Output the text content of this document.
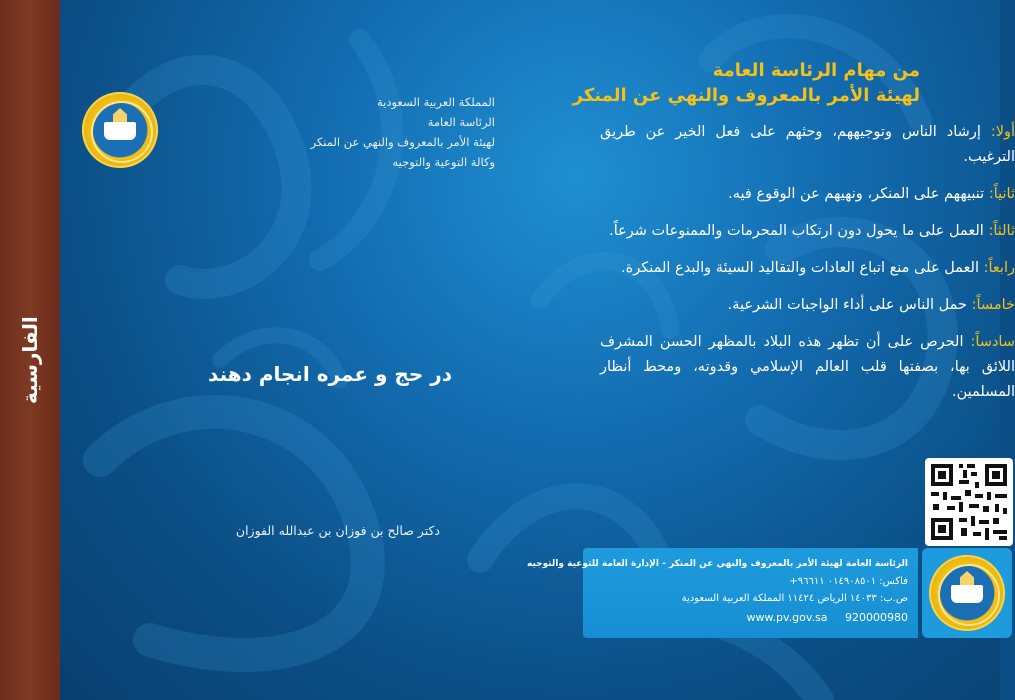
الفارسية
المملكة العربية السعودية
الرئاسة العامة
لهيئة الأمر بالمعروف والنهي عن المنكر
وكالة التوعية والتوجيه
در حج و عمره انجام دهند
دكتر صالح بن فوزان بن عبدالله الفوزان
من مهام الرئاسة العامة
لهيئة الأمر بالمعروف والنهي عن المنكر
أولا: إرشاد الناس وتوجيههم، وحثهم على فعل الخير عن طريق الترغيب.
ثانياً: تنبيههم على المنكر، ونهيهم عن الوقوع فيه.
ثالثاً: العمل على ما يحول دون ارتكاب المحرمات والممنوعات شرعاً.
رابعاً: العمل على منع اتباع العادات والتقاليد السيئة والبدع المنكرة.
خامساً: حمل الناس على أداء الواجبات الشرعية.
سادساً: الحرص على أن تظهر هذه البلاد بالمظهر الحسن المشرف اللائق بها، بصفتها قلب العالم الإسلامي وقدوته، ومحط أنظار المسلمين.
الرئاسة العامة لهيئة الأمر بالمعروف والنهي عن المنكر - الإدارة العامة للتوعية والتوجيه
فاكس: ٠١٤٩٠٨٥٠١ ٩٦٦١١+
ص.ب: ١٤٠٣٣ الرياض ١١٤٢٤ المملكة العربية السعودية
www.pv.gov.sa 920000980
